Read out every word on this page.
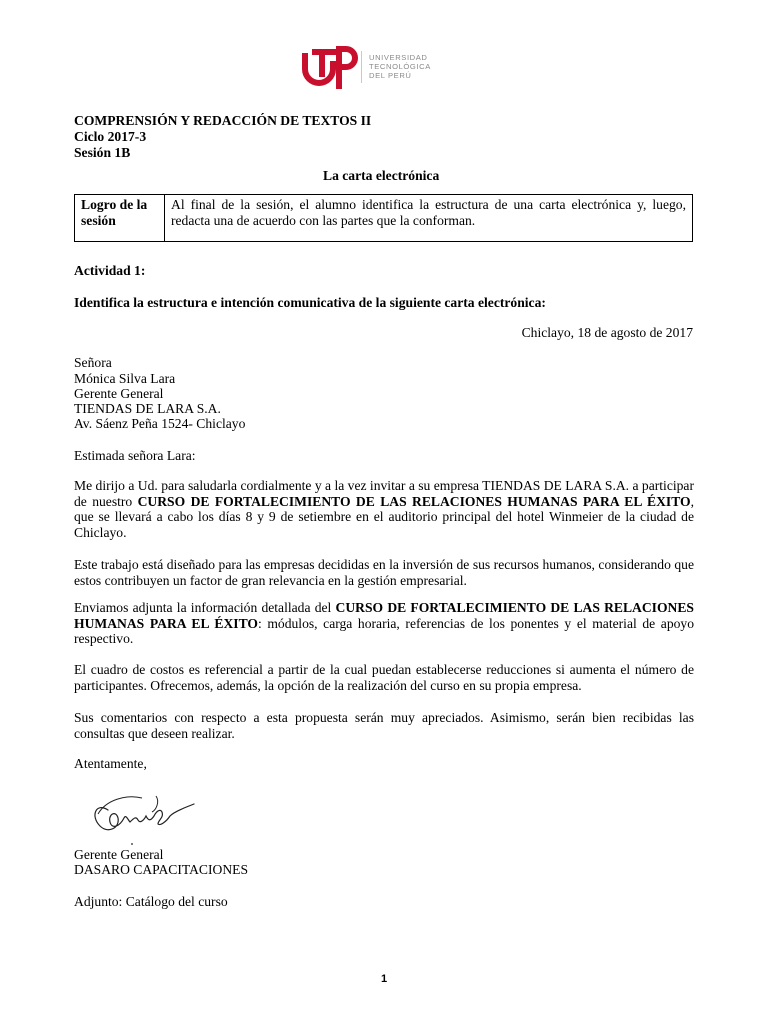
UNIVERSIDAD
TECNOLÓGICA
DEL PERÚ
COMPRENSIÓN Y REDACCIÓN DE TEXTOS II
Ciclo 2017-3
Sesión 1B
La carta electrónica
Logro de la sesión
Al final de la sesión, el alumno identifica la estructura de una carta electrónica y, luego, redacta una de acuerdo con las partes que la conforman.
Actividad 1:
Identifica la estructura e intención comunicativa de la siguiente carta electrónica:
Chiclayo, 18 de agosto de 2017
Señora
Mónica Silva Lara
Gerente General
TIENDAS DE LARA S.A.
Av. Sáenz Peña 1524- Chiclayo
Estimada señora Lara:
Me dirijo a Ud. para saludarla cordialmente y a la vez invitar a su empresa TIENDAS DE LARA S.A. a participar de nuestro CURSO DE FORTALECIMIENTO DE LAS RELACIONES HUMANAS PARA EL ÉXITO, que se llevará a cabo los días 8 y 9 de setiembre en el auditorio principal del hotel Winmeier de la ciudad de Chiclayo.
Este trabajo está diseñado para las empresas decididas en la inversión de sus recursos humanos, considerando que estos contribuyen un factor de gran relevancia en la gestión empresarial.
Enviamos adjunta la información detallada del CURSO DE FORTALECIMIENTO DE LAS RELACIONES HUMANAS PARA EL ÉXITO: módulos, carga horaria, referencias de los ponentes y el material de apoyo respectivo.
El cuadro de costos es referencial a partir de la cual puedan establecerse reducciones si aumenta el número de participantes. Ofrecemos, además, la opción de la realización del curso en su propia empresa.
Sus comentarios con respecto a esta propuesta serán muy apreciados. Asimismo, serán bien recibidas las consultas que deseen realizar.
Atentamente,
Gerente General
DASARO CAPACITACIONES
Adjunto: Catálogo del curso
1
